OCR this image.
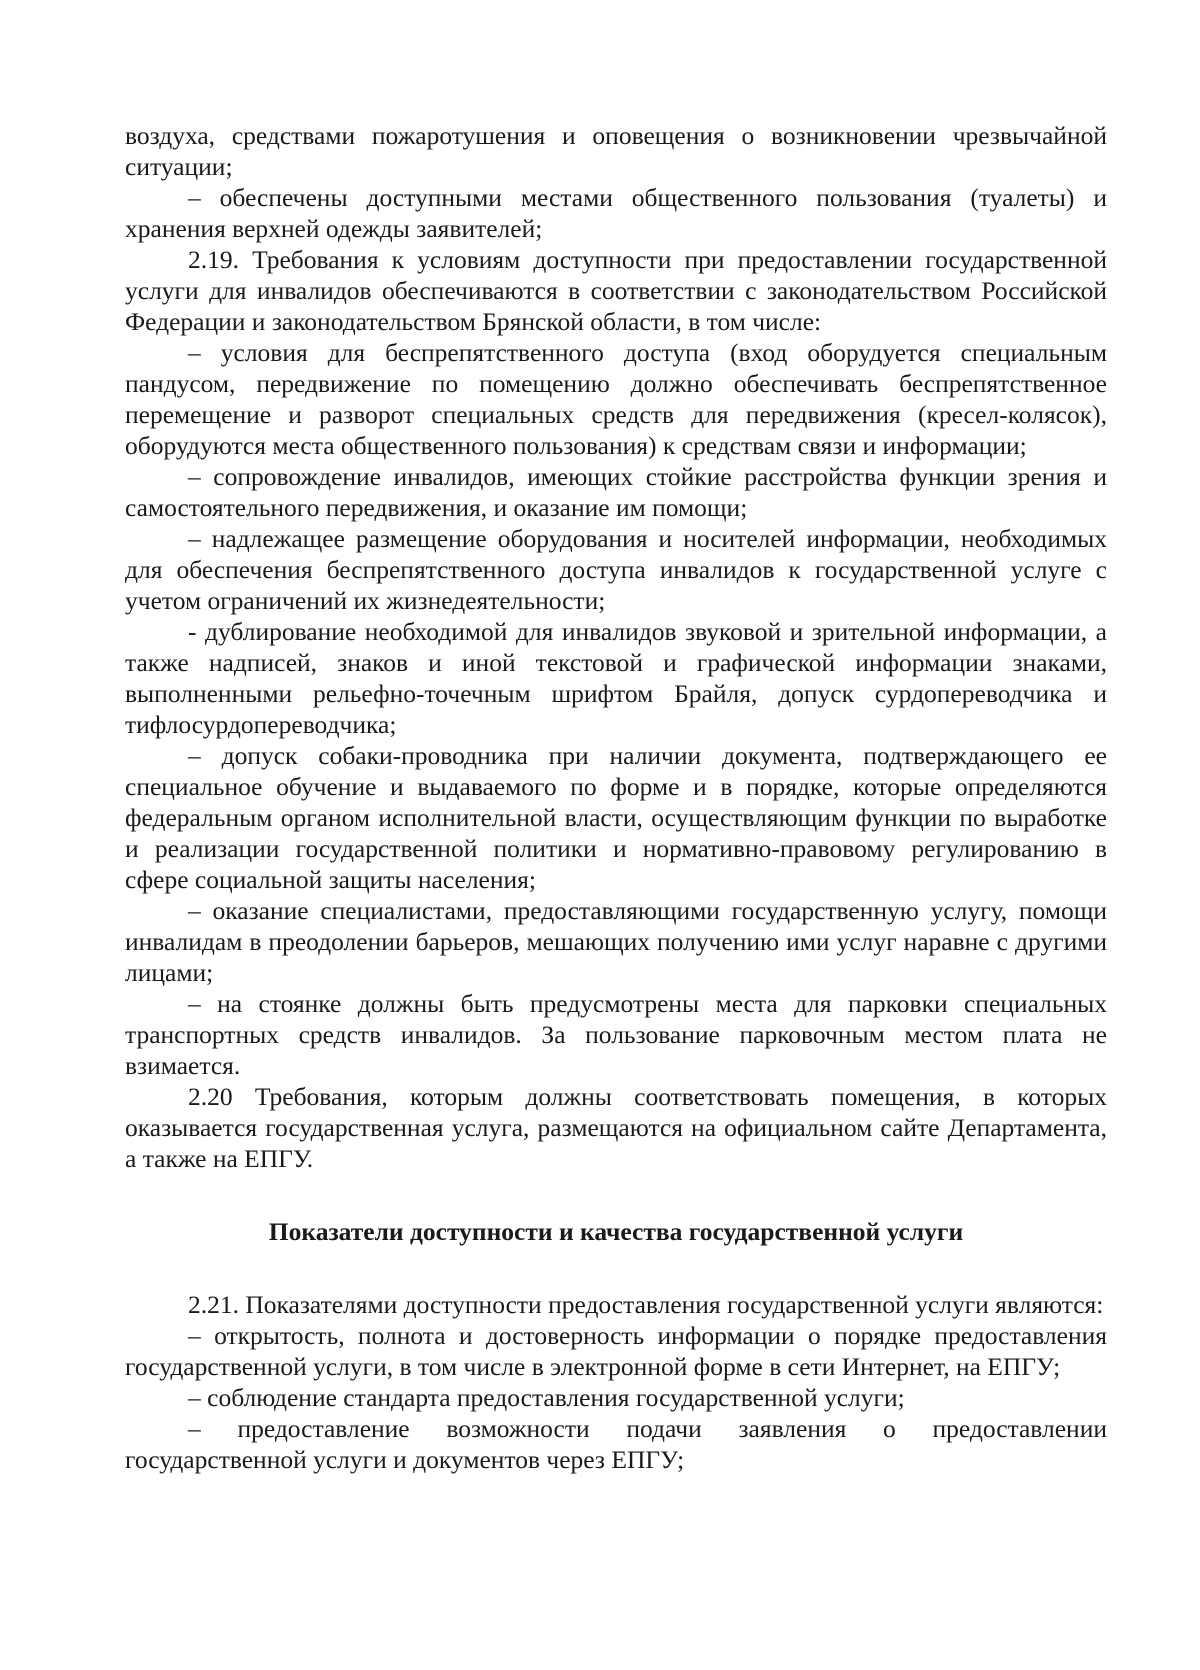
воздуха, средствами пожаротушения и оповещения о возникновении чрезвычайной ситуации;

– обеспечены доступными местами общественного пользования (туалеты) и хранения верхней одежды заявителей;

2.19. Требования к условиям доступности при предоставлении государственной услуги для инвалидов обеспечиваются в соответствии с законодательством Российской Федерации и законодательством Брянской области, в том числе:

– условия для беспрепятственного доступа (вход оборудуется специальным пандусом, передвижение по помещению должно обеспечивать беспрепятственное перемещение и разворот специальных средств для передвижения (кресел-колясок), оборудуются места общественного пользования) к средствам связи и информации;

– сопровождение инвалидов, имеющих стойкие расстройства функции зрения и самостоятельного передвижения, и оказание им помощи;

– надлежащее размещение оборудования и носителей информации, необходимых для обеспечения беспрепятственного доступа инвалидов к государственной услуге с учетом ограничений их жизнедеятельности;

- дублирование необходимой для инвалидов звуковой и зрительной информации, а также надписей, знаков и иной текстовой и графической информации знаками, выполненными рельефно-точечным шрифтом Брайля, допуск сурдопереводчика и тифлосурдопереводчика;

– допуск собаки-проводника при наличии документа, подтверждающего ее специальное обучение и выдаваемого по форме и в порядке, которые определяются федеральным органом исполнительной власти, осуществляющим функции по выработке и реализации государственной политики и нормативно-правовому регулированию в сфере социальной защиты населения;

– оказание специалистами, предоставляющими государственную услугу, помощи инвалидам в преодолении барьеров, мешающих получению ими услуг наравне с другими лицами;

– на стоянке должны быть предусмотрены места для парковки специальных транспортных средств инвалидов. За пользование парковочным местом плата не взимается.

2.20 Требования, которым должны соответствовать помещения, в которых оказывается государственная услуга, размещаются на официальном сайте Департамента, а также на ЕПГУ.

Показатели доступности и качества государственной услуги

2.21. Показателями доступности предоставления государственной услуги являются:

– открытость, полнота и достоверность информации о порядке предоставления государственной услуги, в том числе в электронной форме в сети Интернет, на ЕПГУ;

– соблюдение стандарта предоставления государственной услуги;

– предоставление возможности подачи заявления о предоставлении государственной услуги и документов через ЕПГУ;
